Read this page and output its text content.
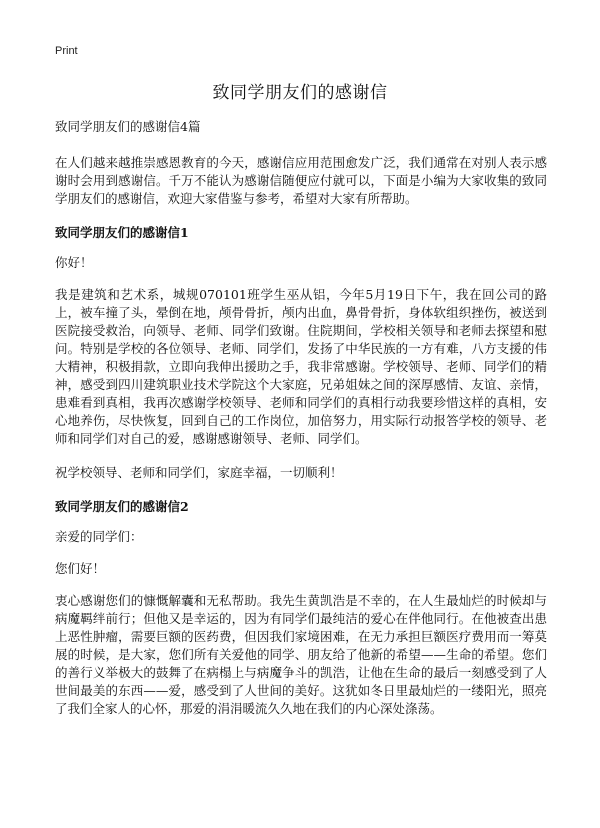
Print
致同学朋友们的感谢信

致同学朋友们的感谢信4篇

在人们越来越推崇感恩教育的今天，感谢信应用范围愈发广泛，我们通常在对别人表示感谢时会用到感谢信。千万不能认为感谢信随便应付就可以，下面是小编为大家收集的致同学朋友们的感谢信，欢迎大家借鉴与参考，希望对大家有所帮助。

致同学朋友们的感谢信1

你好！

我是建筑和艺术系，城规070101班学生巫从铝，今年5月19日下午，我在回公司的路上，被车撞了头，晕倒在地，颅骨骨折，颅内出血，鼻骨骨折，身体软组织挫伤，被送到医院接受救治，向领导、老师、同学们致谢。住院期间，学校相关领导和老师去探望和慰问。特别是学校的各位领导、老师、同学们，发扬了中华民族的一方有难，八方支援的伟大精神，积极捐款，立即向我伸出援助之手，我非常感谢。学校领导、老师、同学们的精神，感受到四川建筑职业技术学院这个大家庭，兄弟姐妹之间的深厚感情、友谊、亲情，患难看到真相，我再次感谢学校领导、老师和同学们的真相行动我要珍惜这样的真相，安心地养伤，尽快恢复，回到自己的工作岗位，加倍努力，用实际行动报答学校的领导、老师和同学们对自己的爱，感谢感谢领导、老师、同学们。

祝学校领导、老师和同学们，家庭幸福，一切顺利！

致同学朋友们的感谢信2

亲爱的同学们：

您们好！

衷心感谢您们的慷慨解囊和无私帮助。我先生黄凯浩是不幸的，在人生最灿烂的时候却与病魔羁绊前行；但他又是幸运的，因为有同学们最纯洁的爱心在伴他同行。在他被查出患上恶性肿瘤，需要巨额的医药费，但因我们家境困难，在无力承担巨额医疗费用而一筹莫展的时候，是大家，您们所有关爱他的同学、朋友给了他新的希望——生命的希望。您们的善行义举极大的鼓舞了在病榻上与病魔争斗的凯浩，让他在生命的最后一刻感受到了人世间最美的东西——爱，感受到了人世间的美好。这犹如冬日里最灿烂的一缕阳光，照亮了我们全家人的心怀，那爱的涓涓暖流久久地在我们的内心深处涤荡。
